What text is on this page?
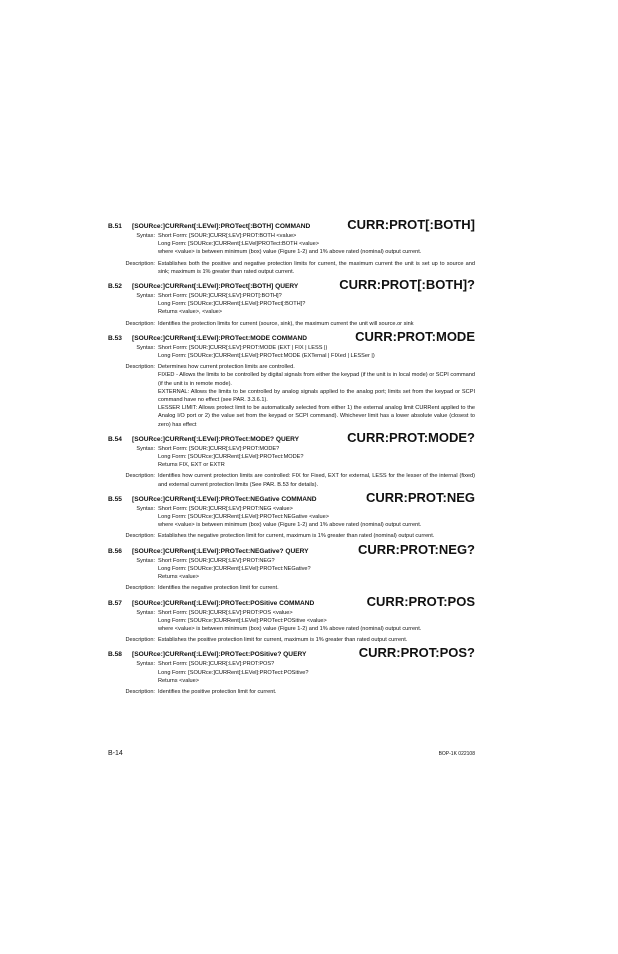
B.51 [SOURce:]CURRent[:LEVel]:PROTect[:BOTH] COMMAND	CURR:PROT[:BOTH]
Syntax: Short Form: [SOUR:]CURR[:LEV]:PROT:BOTH <value>
Long Form: [SOURce:]CURRent[:LEVel]PROTect:BOTH <value>
where <value> is between minimum (box) value (Figure 1-2) and 1% above rated (nominal) output current.
Description: Establishes both the positive and negative protection limits for current, the maximum current the unit is set up to source and sink; maximum is 1% greater than rated output current.
B.52 [SOURce:]CURRent[:LEVel]:PROTect[:BOTH] QUERY	CURR:PROT[:BOTH]?
Syntax: Short Form: [SOUR:]CURR[:LEV]:PROT[:BOTH]?
Long Form: [SOURce:]CURRent[:LEVel]:PROTect[:BOTH]?
Returns <value>, <value>
Description: Identifies the protection limits for current (source, sink), the maximum current the unit will source.or sink
B.53 [SOURce:]CURRent[:LEVel]:PROTect:MODE COMMAND	CURR:PROT:MODE
Syntax: Short Form: [SOUR:]CURR[:LEV]:PROT:MODE (EXT | FIX | LESS |)
Long Form: [SOURce:]CURRent[:LEVel]:PROTect:MODE (EXTernal | FIXed | LESSer |)
Description: Determines how current protection limits are controlled.
FIXED - Allows the limits to be controlled by digital signals from either the keypad (if the unit is in local mode) or SCPI command (if the unit is in remote mode).
EXTERNAL: Allows the limits to be controlled by analog signals applied to the analog port; limits set from the keypad or SCPI command have no effect (see PAR. 3.3.6.1).
LESSER LIMIT: Allows protect limit to be automatically selected from either 1) the external analog limit CURRent applied to the Analog I/O port or 2) the value set from the keypad or SCPI command). Whichever limit has a lower absolute value (closest to zero) has effect
B.54 [SOURce:]CURRent[:LEVel]:PROTect:MODE? QUERY	CURR:PROT:MODE?
Syntax: Short Form: [SOUR:]CURR[:LEV]:PROT:MODE?
Long Form: [SOURce:]CURRent[:LEVel]:PROTect:MODE?
Returns FIX, EXT or EXTR
Description: Identifies how current protection limits are controlled: FIX for Fixed, EXT for external, LESS for the lesser of the internal (fixed) and external current protection limits (See PAR. B.53 for details).
B.55 [SOURce:]CURRent[:LEVel]:PROTect:NEGative COMMAND	CURR:PROT:NEG
Syntax: Short Form: [SOUR:]CURR[:LEV]:PROT:NEG <value>
Long Form: [SOURce:]CURRent[:LEVel]:PROTect:NEGative <value>
where <value> is between minimum (box) value (Figure 1-2) and 1% above rated (nominal) output current.
Description: Establishes the negative protection limit for current, maximum is 1% greater than rated (nominal) output current.
B.56 [SOURce:]CURRent[:LEVel]:PROTect:NEGative? QUERY	CURR:PROT:NEG?
Syntax: Short Form: [SOUR:]CURR[:LEV]:PROT:NEG?
Long Form: [SOURce:]CURRent[:LEVel]:PROTect:NEGative?
Returns <value>
Description: Identifies the negative protection limit for current.
B.57 [SOURce:]CURRent[:LEVel]:PROTect:POSitive COMMAND	CURR:PROT:POS
Syntax: Short Form: [SOUR:]CURR[:LEV]:PROT:POS <value>
Long Form: [SOURce:]CURRent[:LEVel]:PROTect:POSitive <value>
where <value> is between minimum (box) value (Figure 1-2) and 1% above rated (nominal) output current.
Description: Establishes the positive protection limit for current, maximum is 1% greater than rated output current.
B.58 [SOURce:]CURRent[:LEVel]:PROTect:POSitive? QUERY	CURR:PROT:POS?
Syntax: Short Form: [SOUR:]CURR[:LEV]:PROT:POS?
Long Form: [SOURce:]CURRent[:LEVel]:PROTect:POSitive?
Returns <value>
Description: Identifies the positive protection limit for current.
B-14	BOP-1K 022108
